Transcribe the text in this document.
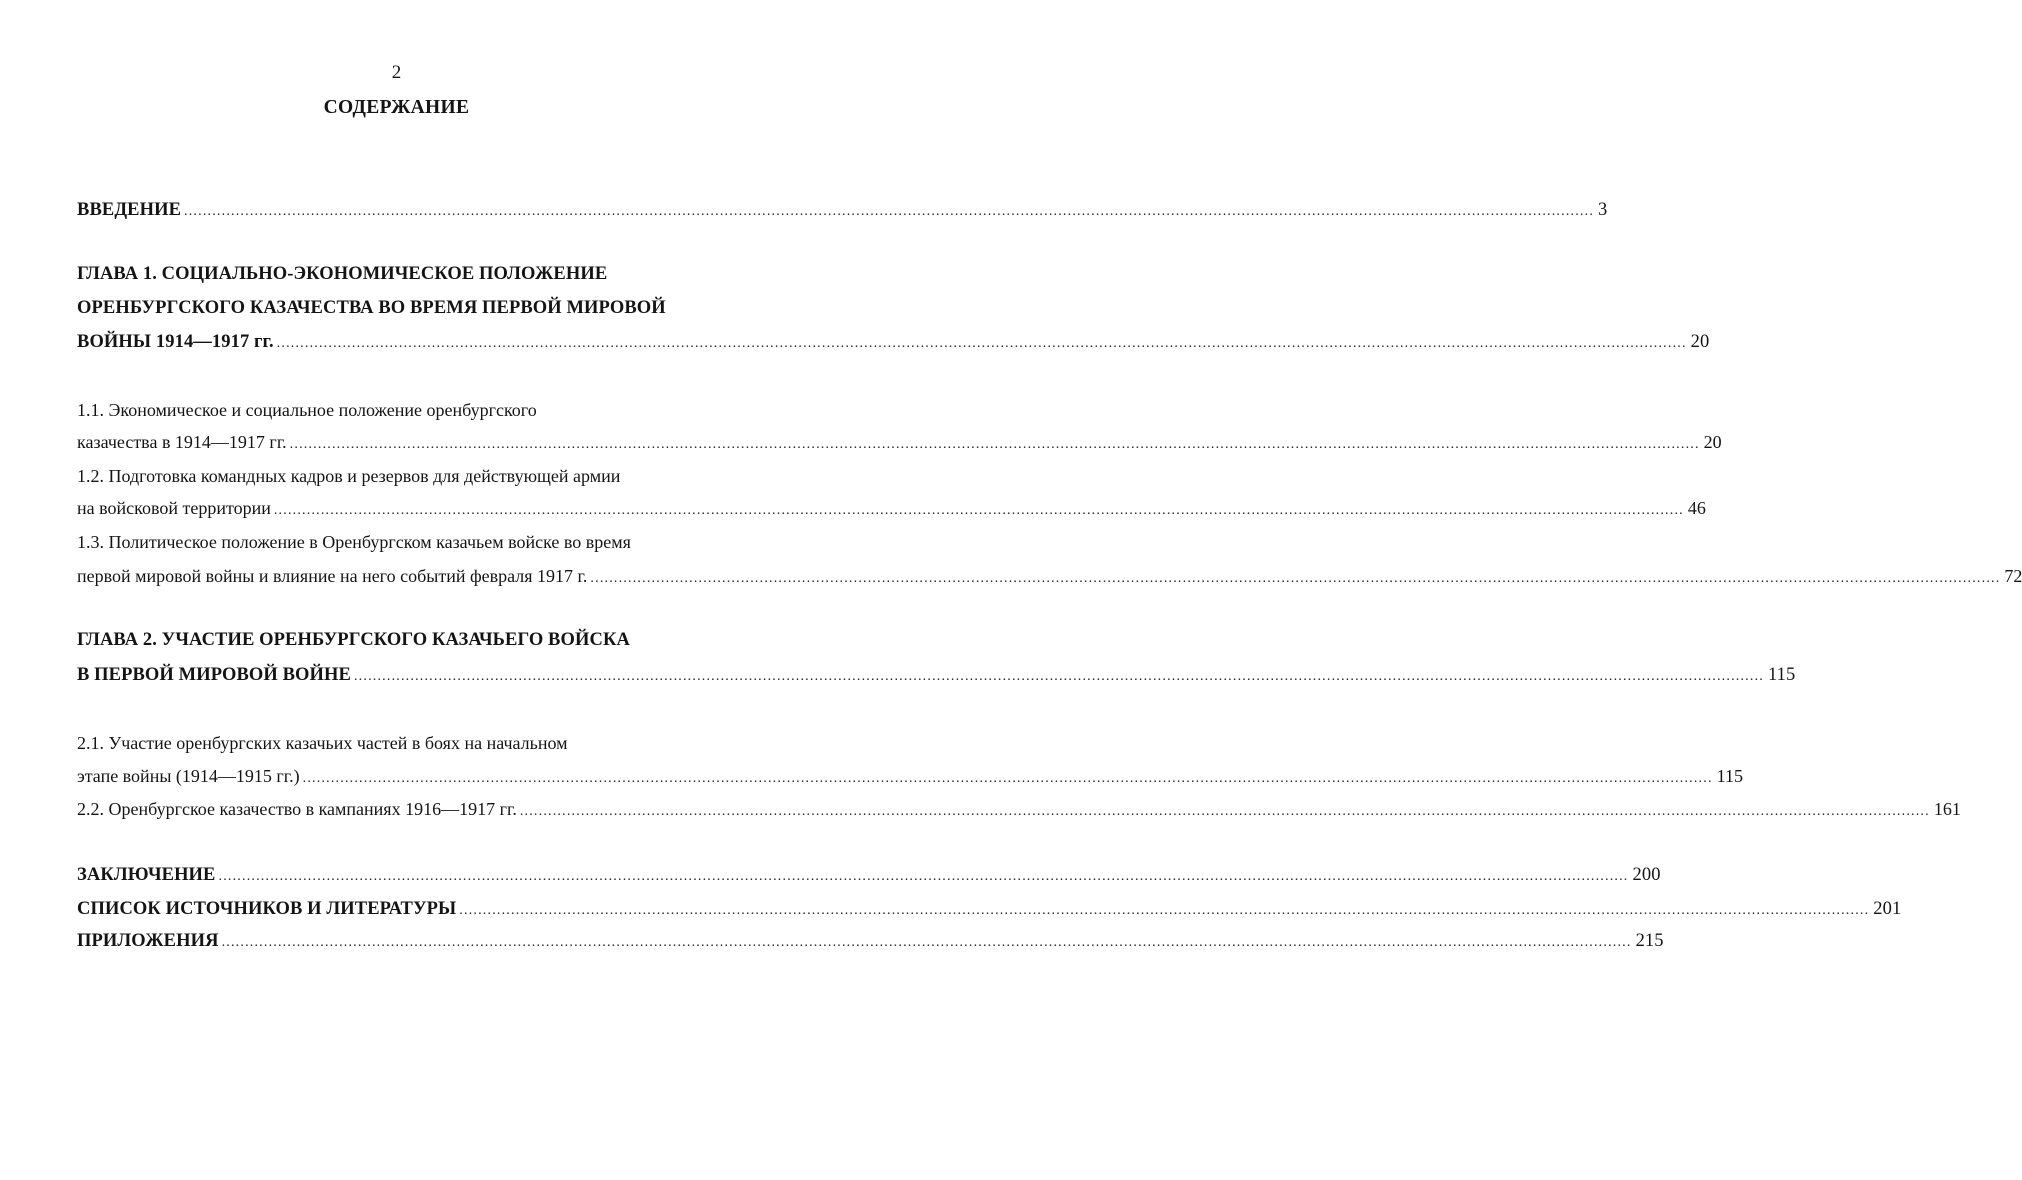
2
СОДЕРЖАНИЕ
ВВЕДЕНИЕ ............................................................................................................................................................................................................................................................................................................ 3
ГЛАВА 1. СОЦИАЛЬНО-ЭКОНОМИЧЕСКОЕ ПОЛОЖЕНИЕ
ОРЕНБУРГСКОГО КАЗАЧЕСТВА ВО ВРЕМЯ ПЕРВОЙ МИРОВОЙ
ВОЙНЫ 1914—1917 гг. ............................................................................................................................................................................................................................................................................................................ 20
1.1. Экономическое и социальное положение оренбургского
казачества в 1914—1917 гг. ............................................................................................................................................................................................................................................................................................................ 20
1.2. Подготовка командных кадров и резервов для действующей армии
на войсковой территории ............................................................................................................................................................................................................................................................................................................ 46
1.3. Политическое положение в Оренбургском казачьем войске во время
первой мировой войны и влияние на него событий февраля 1917 г. ............................................................................................................................................................................................................................................................................................................ 72
ГЛАВА 2. УЧАСТИЕ ОРЕНБУРГСКОГО КАЗАЧЬЕГО ВОЙСКА
В ПЕРВОЙ МИРОВОЙ ВОЙНЕ ............................................................................................................................................................................................................................................................................................................ 115
2.1. Участие оренбургских казачьих частей в боях на начальном
этапе войны (1914—1915 гг.) ............................................................................................................................................................................................................................................................................................................ 115
2.2. Оренбургское казачество в кампаниях 1916—1917 гг. ............................................................................................................................................................................................................................................................................................................ 161
ЗАКЛЮЧЕНИЕ ............................................................................................................................................................................................................................................................................................................ 200
СПИСОК ИСТОЧНИКОВ И ЛИТЕРАТУРЫ ............................................................................................................................................................................................................................................................................................................ 201
ПРИЛОЖЕНИЯ ............................................................................................................................................................................................................................................................................................................ 215
